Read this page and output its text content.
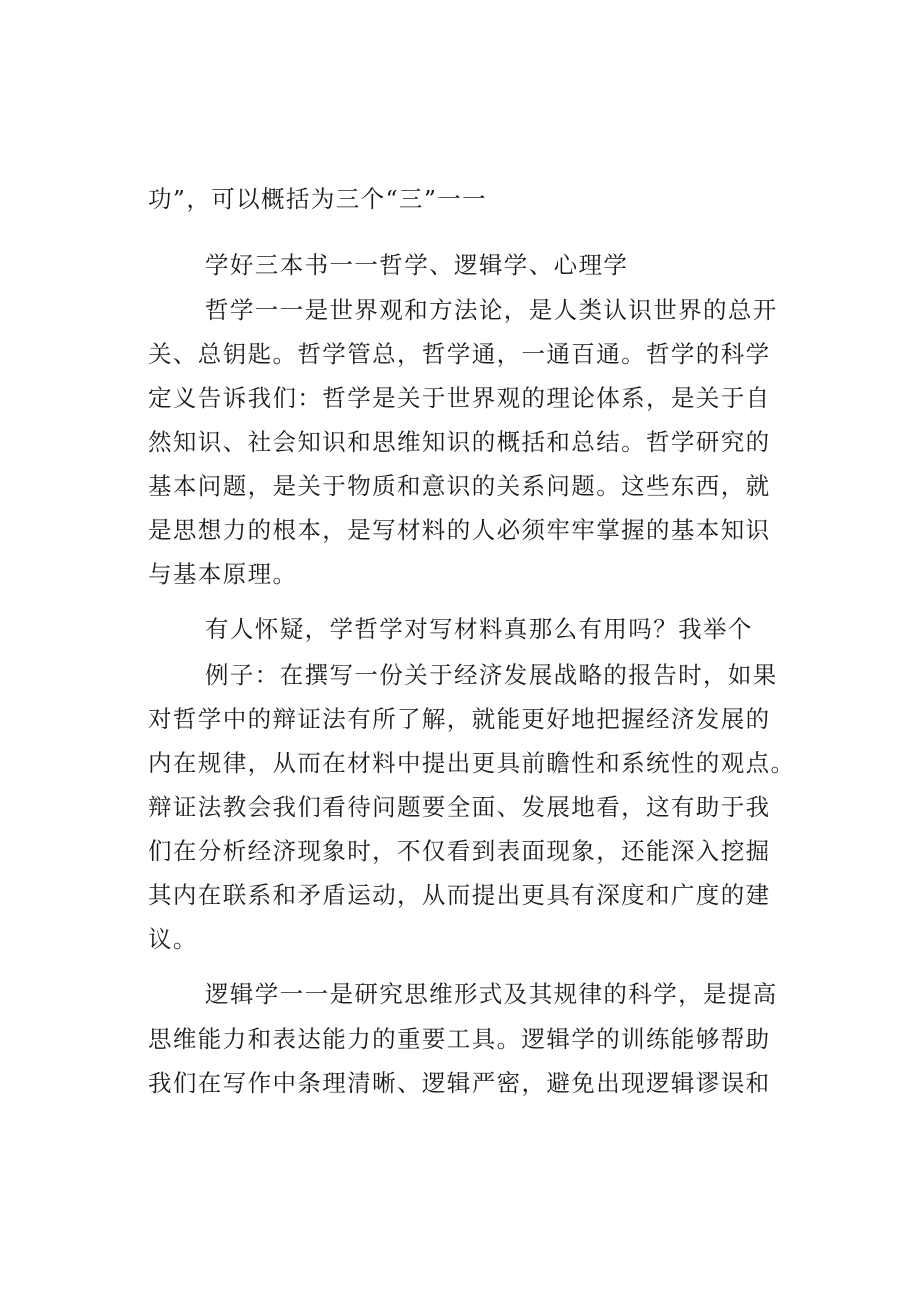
功”，可以概括为三个“三”一一
学好三本书一一哲学、逻辑学、心理学
哲学一一是世界观和方法论，是人类认识世界的总开
关、总钥匙。哲学管总，哲学通，一通百通。哲学的科学
定义告诉我们：哲学是关于世界观的理论体系，是关于自
然知识、社会知识和思维知识的概括和总结。哲学研究的
基本问题，是关于物质和意识的关系问题。这些东西，就
是思想力的根本，是写材料的人必须牢牢掌握的基本知识
与基本原理。
有人怀疑，学哲学对写材料真那么有用吗？我举个
例子：在撰写一份关于经济发展战略的报告时，如果
对哲学中的辩证法有所了解，就能更好地把握经济发展的
内在规律，从而在材料中提出更具前瞻性和系统性的观点。
辩证法教会我们看待问题要全面、发展地看，这有助于我
们在分析经济现象时，不仅看到表面现象，还能深入挖掘
其内在联系和矛盾运动，从而提出更具有深度和广度的建
议。
逻辑学一一是研究思维形式及其规律的科学，是提高
思维能力和表达能力的重要工具。逻辑学的训练能够帮助
我们在写作中条理清晰、逻辑严密，避免出现逻辑谬误和
